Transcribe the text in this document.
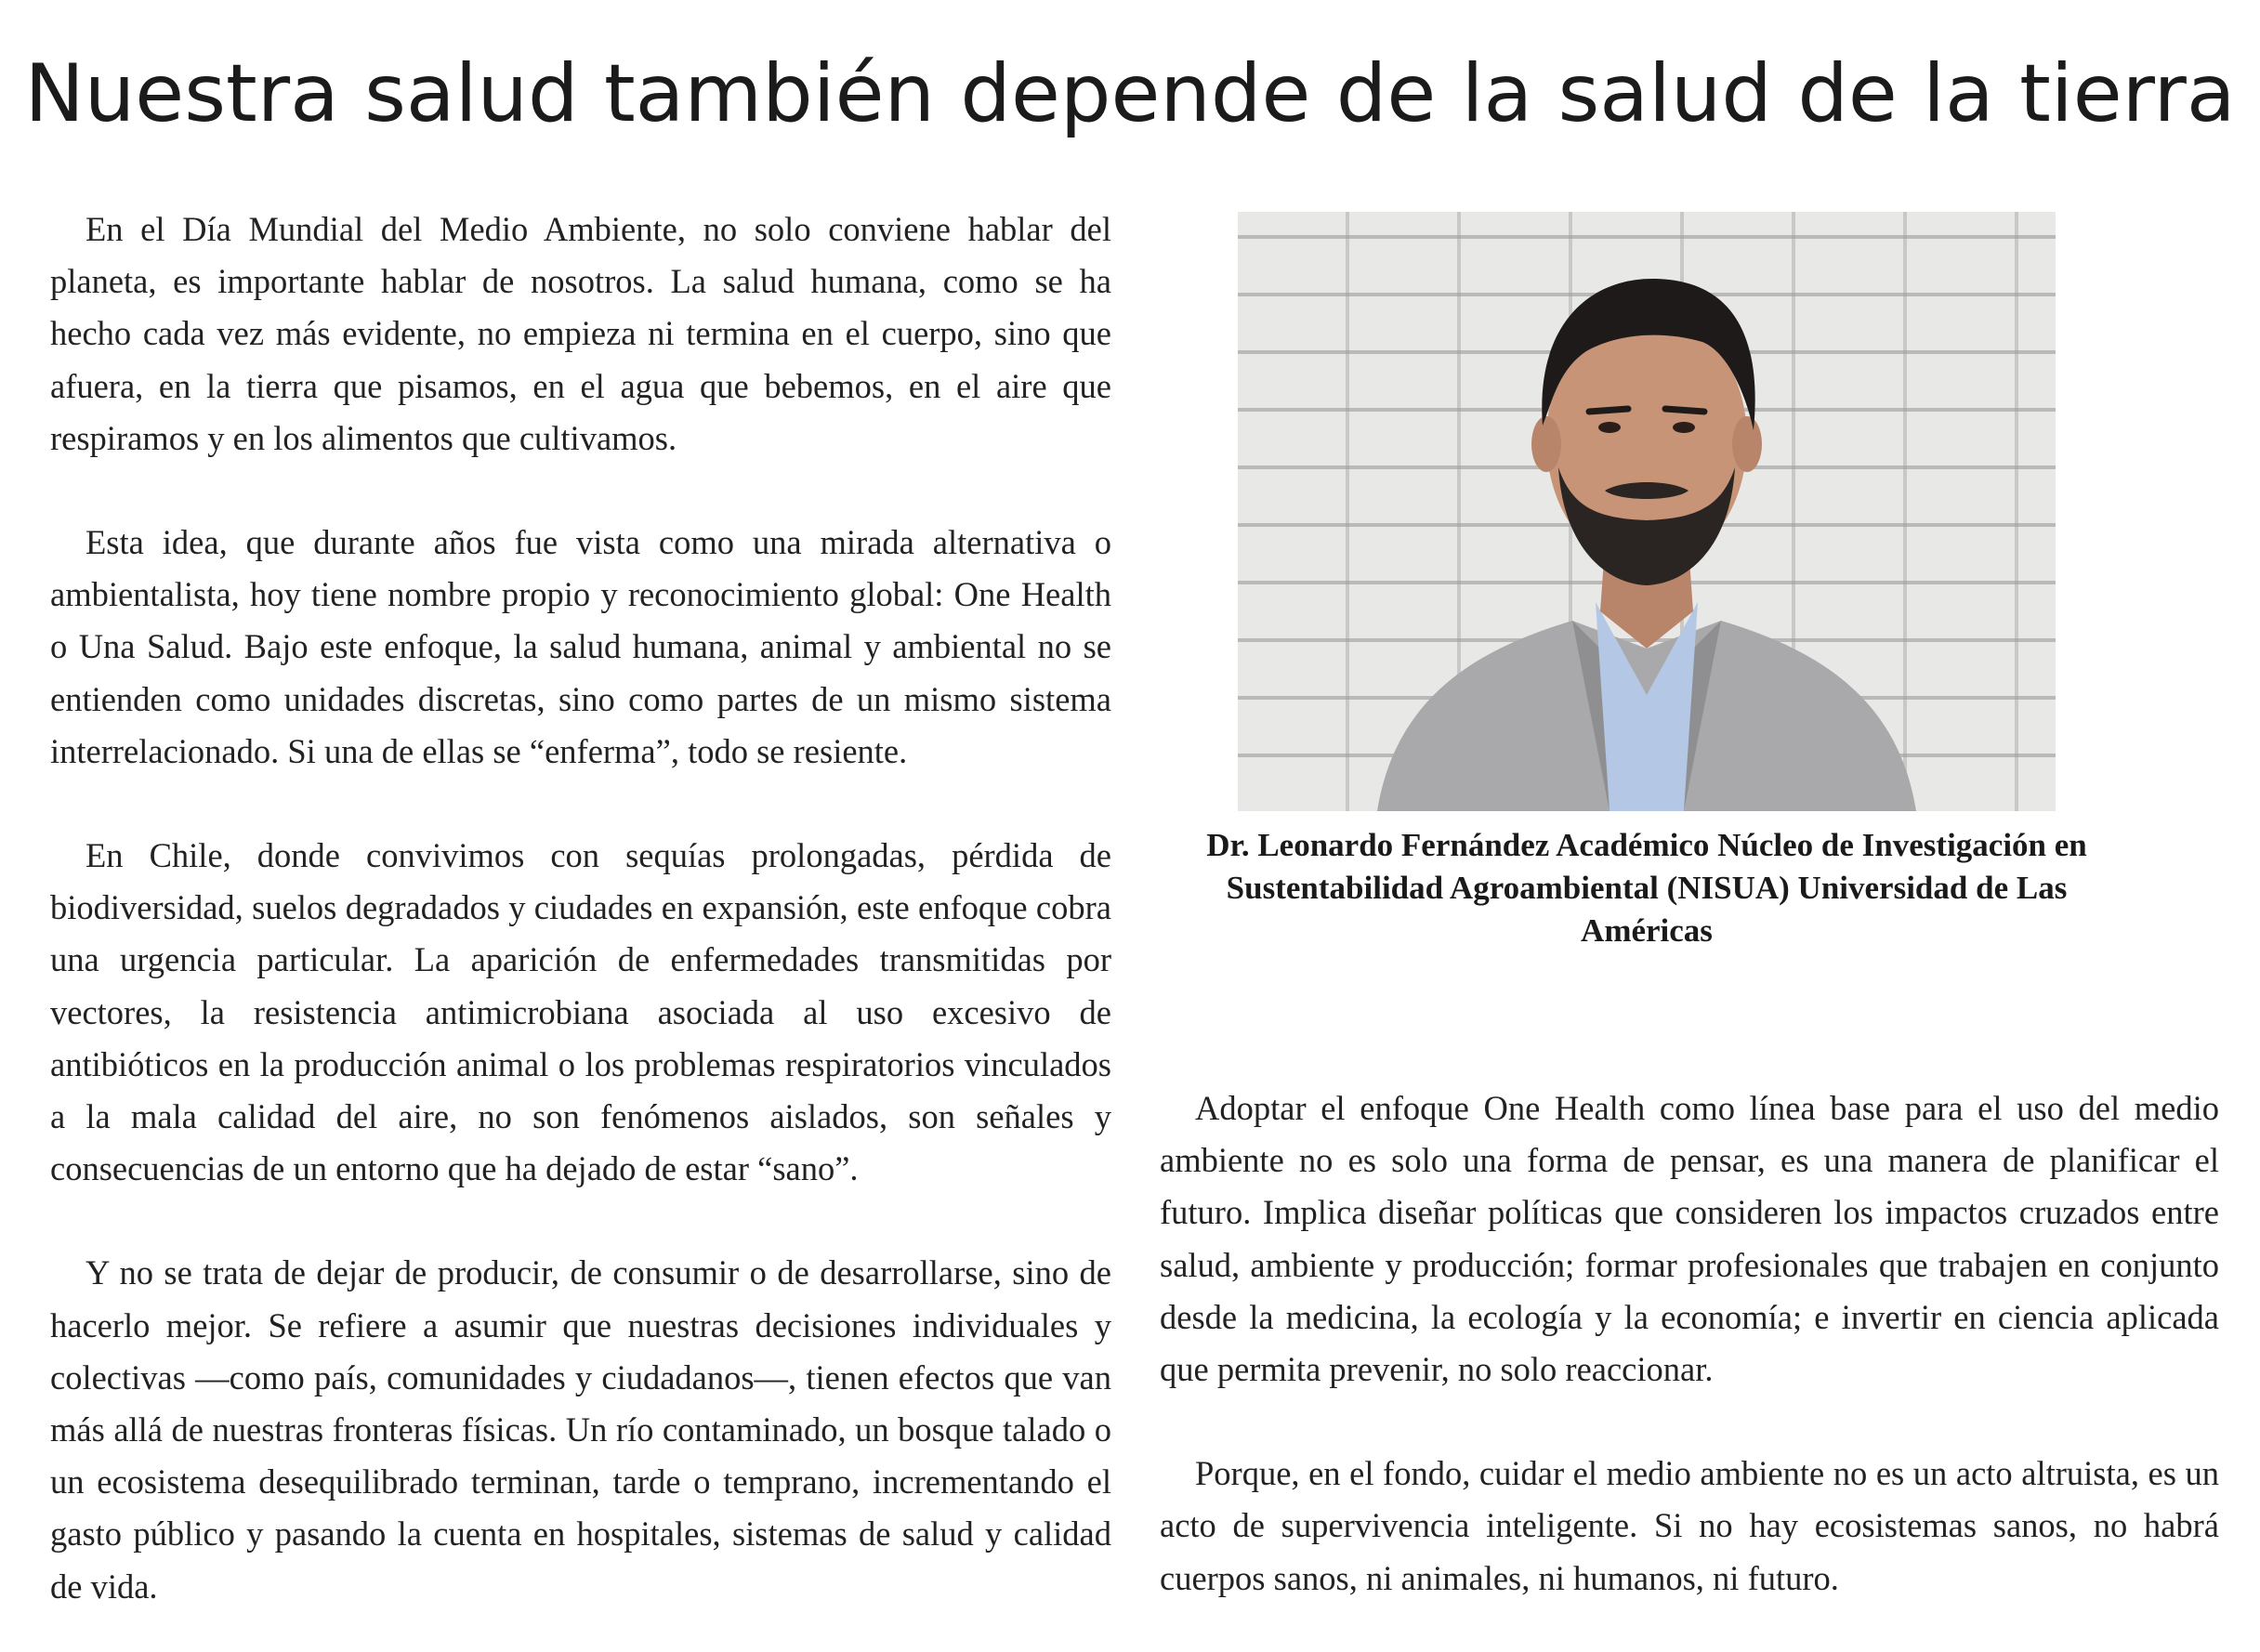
Nuestra salud también depende de la salud de la tierra

En el Día Mundial del Medio Ambiente, no solo conviene hablar del planeta, es importante hablar de nosotros. La salud humana, como se ha hecho cada vez más evidente, no empieza ni termina en el cuerpo, sino que afuera, en la tierra que pisamos, en el agua que bebemos, en el aire que respiramos y en los alimentos que cultivamos.

Esta idea, que durante años fue vista como una mirada alternativa o ambientalista, hoy tiene nombre propio y reconocimiento global: One Health o Una Salud. Bajo este enfoque, la salud humana, animal y ambiental no se entienden como unidades discretas, sino como partes de un mismo sistema interrelacionado. Si una de ellas se “enferma”, todo se resiente.

En Chile, donde convivimos con sequías prolongadas, pérdida de biodiversidad, suelos degradados y ciudades en expansión, este enfoque cobra una urgencia particular. La aparición de enfermedades transmitidas por vectores, la resistencia antimicrobiana asociada al uso excesivo de antibióticos en la producción animal o los problemas respiratorios vinculados a la mala calidad del aire, no son fenómenos aislados, son señales y consecuencias de un entorno que ha dejado de estar “sano”.

Y no se trata de dejar de producir, de consumir o de desarrollarse, sino de hacerlo mejor. Se refiere a asumir que nuestras decisiones individuales y colectivas —como país, comunidades y ciudadanos—, tienen efectos que van más allá de nuestras fronteras físicas. Un río contaminado, un bosque talado o un ecosistema desequilibrado terminan, tarde o temprano, incrementando el gasto público y pasando la cuenta en hospitales, sistemas de salud y calidad de vida.

Dr. Leonardo Fernández Académico Núcleo de Investigación en Sustentabilidad Agroambiental (NISUA) Universidad de Las Américas

Adoptar el enfoque One Health como línea base para el uso del medio ambiente no es solo una forma de pensar, es una manera de planificar el futuro. Implica diseñar políticas que consideren los impactos cruzados entre salud, ambiente y producción; formar profesionales que trabajen en conjunto desde la medicina, la ecología y la economía; e invertir en ciencia aplicada que permita prevenir, no solo reaccionar.

Porque, en el fondo, cuidar el medio ambiente no es un acto altruista, es un acto de supervivencia inteligente. Si no hay ecosistemas sanos, no habrá cuerpos sanos, ni animales, ni humanos, ni futuro.
